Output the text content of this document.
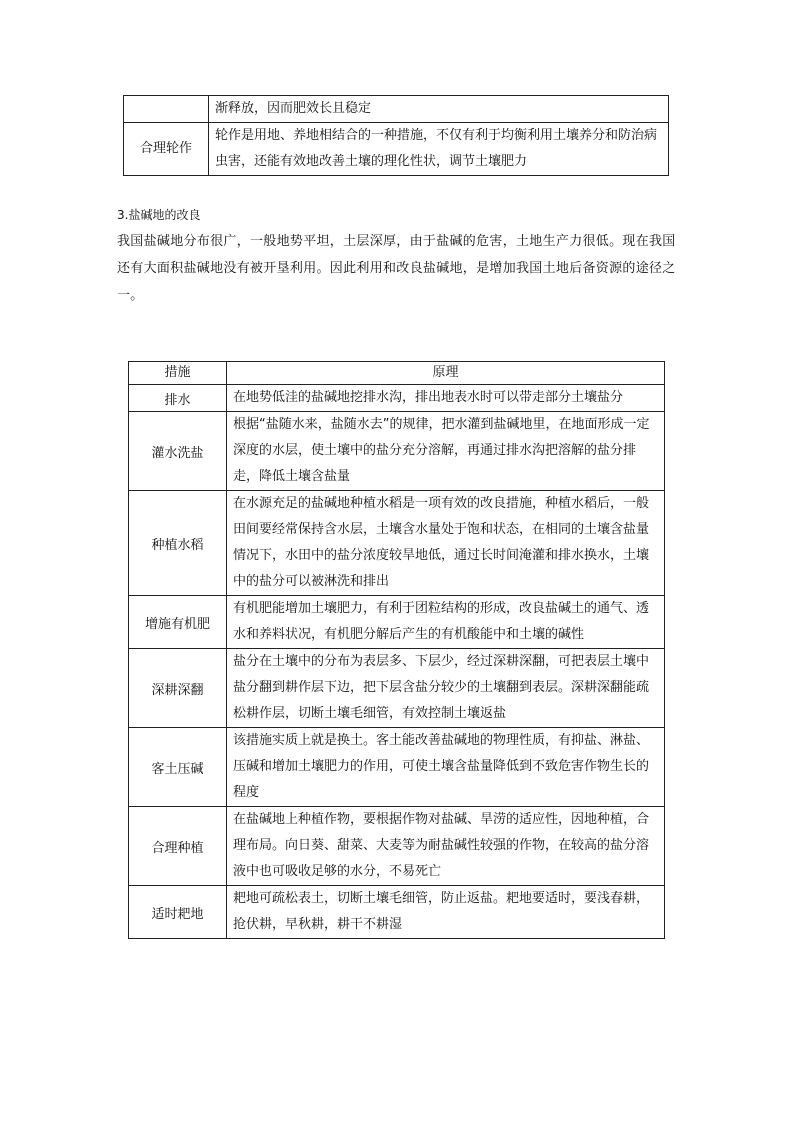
	渐释放，因而肥效长且稳定
合理轮作	轮作是用地、养地相结合的一种措施，不仅有利于均衡利用土壤养分和防治病虫害，还能有效地改善土壤的理化性状，调节土壤肥力
3.盐碱地的改良
我国盐碱地分布很广，一般地势平坦，土层深厚，由于盐碱的危害，土地生产力很低。现在我国还有大面积盐碱地没有被开垦利用。因此利用和改良盐碱地，是增加我国土地后备资源的途径之一。
措施	原理
排水	在地势低洼的盐碱地挖排水沟，排出地表水时可以带走部分土壤盐分
灌水洗盐	根据“盐随水来，盐随水去”的规律，把水灌到盐碱地里，在地面形成一定深度的水层，使土壤中的盐分充分溶解，再通过排水沟把溶解的盐分排走，降低土壤含盐量
种植水稻	在水源充足的盐碱地种植水稻是一项有效的改良措施，种植水稻后，一般田间要经常保持含水层，土壤含水量处于饱和状态，在相同的土壤含盐量情况下，水田中的盐分浓度较旱地低，通过长时间淹灌和排水换水，土壤中的盐分可以被淋洗和排出
增施有机肥	有机肥能增加土壤肥力，有利于团粒结构的形成，改良盐碱土的通气、透水和养料状况，有机肥分解后产生的有机酸能中和土壤的碱性
深耕深翻	盐分在土壤中的分布为表层多、下层少，经过深耕深翻，可把表层土壤中盐分翻到耕作层下边，把下层含盐分较少的土壤翻到表层。深耕深翻能疏松耕作层，切断土壤毛细管，有效控制土壤返盐
客土压碱	该措施实质上就是换土。客土能改善盐碱地的物理性质，有抑盐、淋盐、压碱和增加土壤肥力的作用，可使土壤含盐量降低到不致危害作物生长的程度
合理种植	在盐碱地上种植作物，要根据作物对盐碱、旱涝的适应性，因地种植，合理布局。向日葵、甜菜、大麦等为耐盐碱性较强的作物，在较高的盐分溶液中也可吸收足够的水分，不易死亡
适时耙地	耙地可疏松表土，切断土壤毛细管，防止返盐。耙地要适时，要浅春耕，抢伏耕，早秋耕，耕干不耕湿
